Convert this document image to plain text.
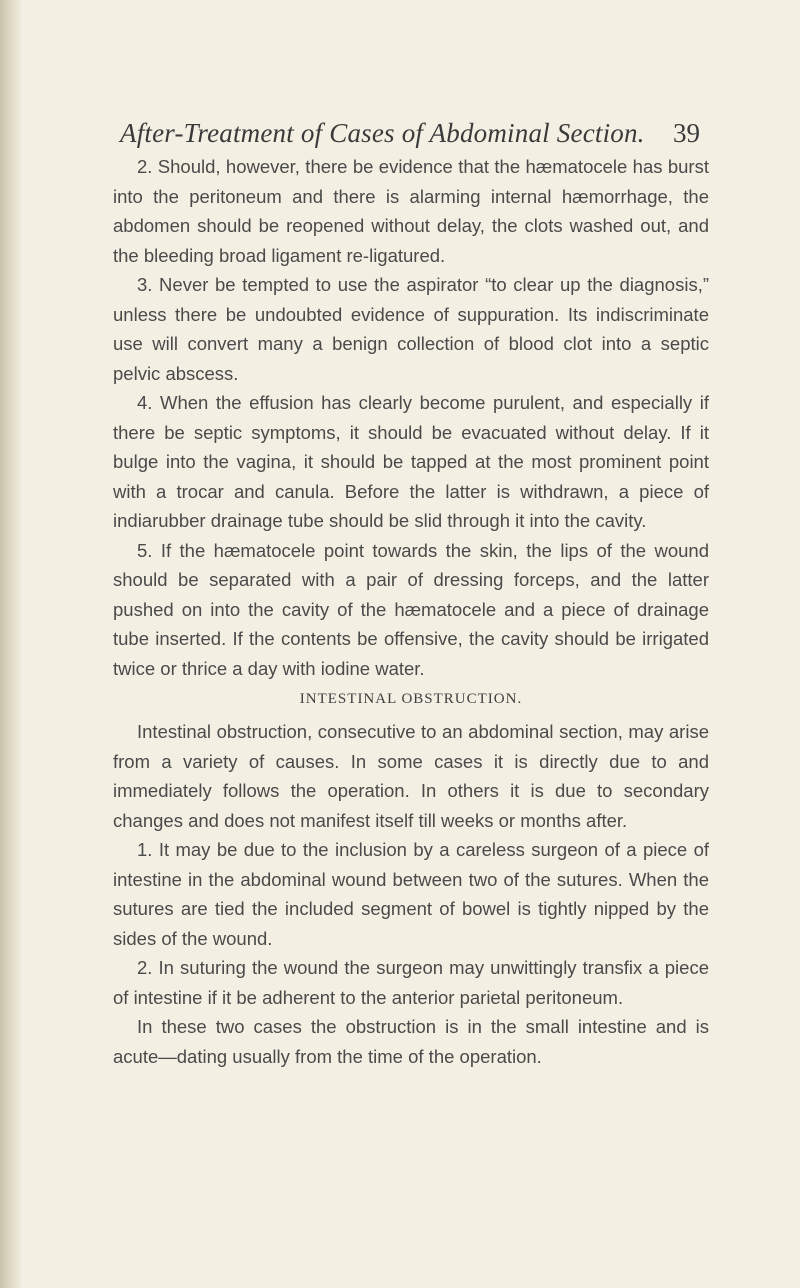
After-Treatment of Cases of Abdominal Section. 39

2. Should, however, there be evidence that the hæmatocele has burst into the peritoneum and there is alarming internal hæmorrhage, the abdomen should be reopened without delay, the clots washed out, and the bleeding broad ligament re-ligatured.

3. Never be tempted to use the aspirator “to clear up the diagnosis,” unless there be undoubted evidence of suppuration. Its indiscriminate use will convert many a benign collection of blood clot into a septic pelvic abscess.

4. When the effusion has clearly become purulent, and especially if there be septic symptoms, it should be evacuated without delay. If it bulge into the vagina, it should be tapped at the most prominent point with a trocar and canula. Before the latter is withdrawn, a piece of indiarubber drainage tube should be slid through it into the cavity.

5. If the hæmatocele point towards the skin, the lips of the wound should be separated with a pair of dressing forceps, and the latter pushed on into the cavity of the hæmatocele and a piece of drainage tube inserted. If the contents be offensive, the cavity should be irrigated twice or thrice a day with iodine water.

INTESTINAL OBSTRUCTION.

Intestinal obstruction, consecutive to an abdominal section, may arise from a variety of causes. In some cases it is directly due to and immediately follows the operation. In others it is due to secondary changes and does not manifest itself till weeks or months after.

1. It may be due to the inclusion by a careless surgeon of a piece of intestine in the abdominal wound between two of the sutures. When the sutures are tied the included segment of bowel is tightly nipped by the sides of the wound.

2. In suturing the wound the surgeon may unwittingly transfix a piece of intestine if it be adherent to the anterior parietal peritoneum.

In these two cases the obstruction is in the small intestine and is acute—dating usually from the time of the operation.
